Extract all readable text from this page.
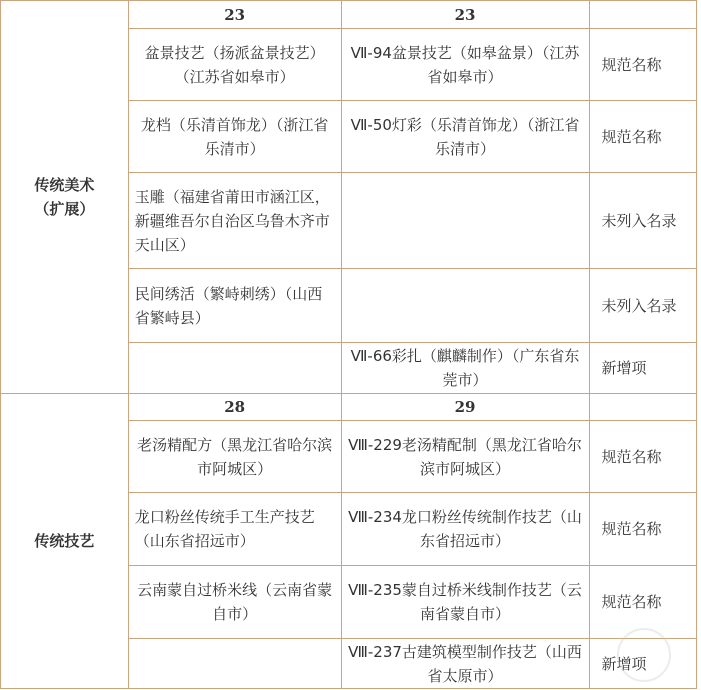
传统美术
（扩展）	23	23	
	盆景技艺（扬派盆景技艺）（江苏省如皋市）	Ⅶ-94盆景技艺（如皋盆景）（江苏省如皋市）	规范名称
	龙档（乐清首饰龙）（浙江省乐清市）	Ⅶ-50灯彩（乐清首饰龙）（浙江省乐清市）	规范名称
	玉雕（福建省莆田市涵江区，新疆维吾尔自治区乌鲁木齐市天山区）		未列入名录
	民间绣活（繁峙刺绣）（山西省繁峙县）		未列入名录
		Ⅶ-66彩扎（麒麟制作）（广东省东莞市）	新增项
传统技艺	28	29	
	老汤精配方（黑龙江省哈尔滨市阿城区）	Ⅷ-229老汤精配制（黑龙江省哈尔滨市阿城区）	规范名称
	龙口粉丝传统手工生产技艺（山东省招远市）	Ⅷ-234龙口粉丝传统制作技艺（山东省招远市）	规范名称
	云南蒙自过桥米线（云南省蒙自市）	Ⅷ-235蒙自过桥米线制作技艺（云南省蒙自市）	规范名称
		Ⅷ-237古建筑模型制作技艺（山西省太原市）	新增项
